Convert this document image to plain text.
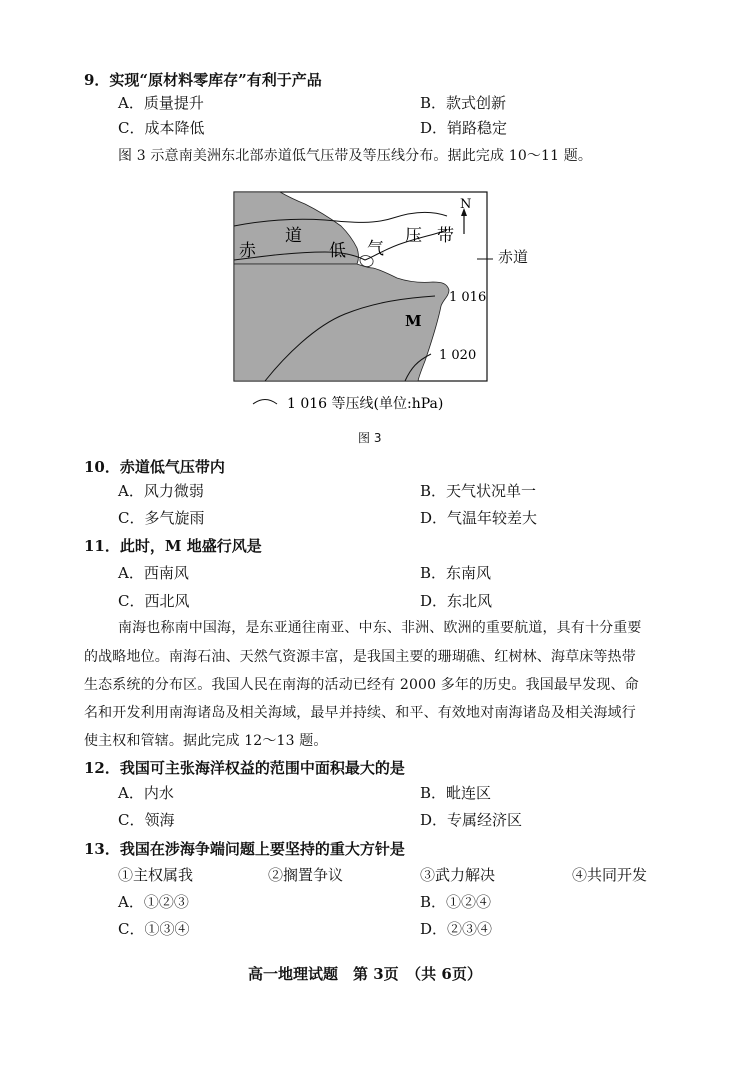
9．实现“原材料零库存”有利于产品
A．质量提升	B．款式创新
C．成本降低	D．销路稳定
图 3 示意南美洲东北部赤道低气压带及等压线分布。据此完成 10～11 题。
N
赤
道
低 气
压 带
1 016
1 020
M
1 016 等压线(单位:hPa)
赤道
图 3
10．赤道低气压带内
A．风力微弱	B．天气状况单一
C．多气旋雨	D．气温年较差大
11．此时，M 地盛行风是
A．西南风	B．东南风
C．西北风	D．东北风
南海也称南中国海，是东亚通往南亚、中东、非洲、欧洲的重要航道，具有十分重要
的战略地位。南海石油、天然气资源丰富，是我国主要的珊瑚礁、红树林、海草床等热带
生态系统的分布区。我国人民在南海的活动已经有 2000 多年的历史。我国最早发现、命
名和开发利用南海诸岛及相关海域，最早并持续、和平、有效地对南海诸岛及相关海域行
使主权和管辖。据此完成 12～13 题。
12．我国可主张海洋权益的范围中面积最大的是
A．内水	B．毗连区
C．领海	D．专属经济区
13．我国在涉海争端问题上要坚持的重大方针是
①主权属我	②搁置争议	③武力解决	④共同开发
A．①②③	B．①②④
C．①③④	D．②③④
高一地理试题　第 3页　（共 6页）
